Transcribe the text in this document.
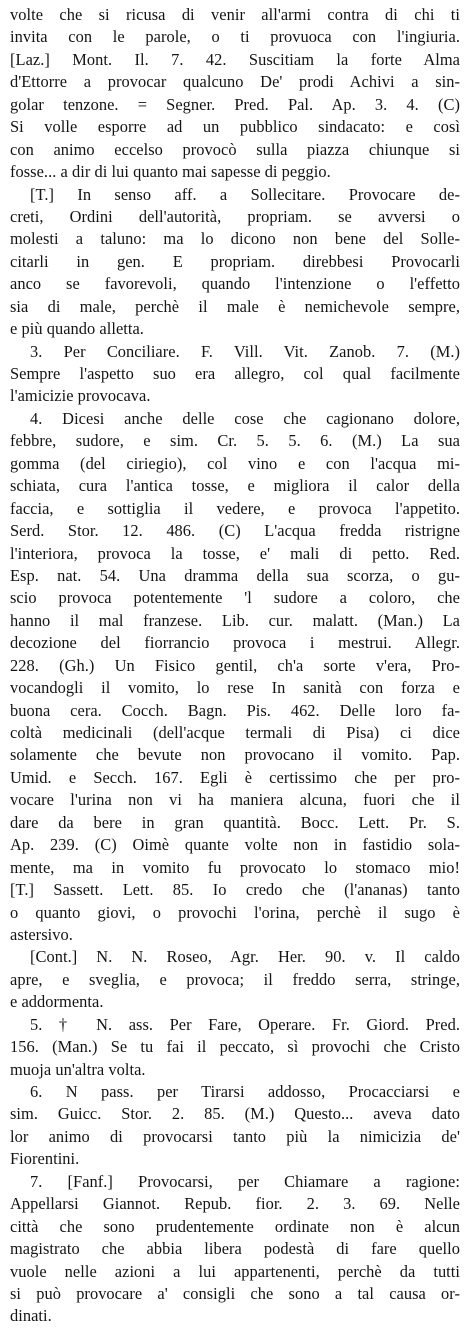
volte che si ricusa di venir all'armi contra di chi ti
invita con le parole, o ti provuoca con l'ingiuria.
[Laz.] Mont. Il. 7. 42. Suscitiam la forte Alma
d'Ettorre a provocar qualcuno De' prodi Achivi a sin-
golar tenzone. = Segner. Pred. Pal. Ap. 3. 4. (C)
Si volle esporre ad un pubblico sindacato: e così
con animo eccelso provocò sulla piazza chiunque si
fosse... a dir di lui quanto mai sapesse di peggio.
[T.] In senso aff. a Sollecitare. Provocare de-
creti, Ordini dell'autorità, propriam. se avversi o
molesti a taluno: ma lo dicono non bene del Solle-
citarli in gen. E propriam. direbbesi Provocarli
anco se favorevoli, quando l'intenzione o l'effetto
sia di male, perchè il male è nemichevole sempre,
e più quando alletta.
3. Per Conciliare. F. Vill. Vit. Zanob. 7. (M.)
Sempre l'aspetto suo era allegro, col qual facilmente
l'amicizie provocava.
4. Dicesi anche delle cose che cagionano dolore,
febbre, sudore, e sim. Cr. 5. 5. 6. (M.) La sua
gomma (del ciriegio), col vino e con l'acqua mi-
schiata, cura l'antica tosse, e migliora il calor della
faccia, e sottiglia il vedere, e provoca l'appetito.
Serd. Stor. 12. 486. (C) L'acqua fredda ristrigne
l'interiora, provoca la tosse, e' mali di petto. Red.
Esp. nat. 54. Una dramma della sua scorza, o gu-
scio provoca potentemente 'l sudore a coloro, che
hanno il mal franzese. Lib. cur. malatt. (Man.) La
decozione del fiorrancio provoca i mestrui. Allegr.
228. (Gh.) Un Fisico gentil, ch'a sorte v'era, Pro-
vocandogli il vomito, lo rese In sanità con forza e
buona cera. Cocch. Bagn. Pis. 462. Delle loro fa-
coltà medicinali (dell'acque termali di Pisa) ci dice
solamente che bevute non provocano il vomito. Pap.
Umid. e Secch. 167. Egli è certissimo che per pro-
vocare l'urina non vi ha maniera alcuna, fuori che il
dare da bere in gran quantità. Bocc. Lett. Pr. S.
Ap. 239. (C) Oimè quante volte non in fastidio sola-
mente, ma in vomito fu provocato lo stomaco mio!
[T.] Sassett. Lett. 85. Io credo che (l'ananas) tanto
o quanto giovi, o provochi l'orina, perchè il sugo è
astersivo.
[Cont.] N. N. Roseo, Agr. Her. 90. v. Il caldo
apre, e sveglia, e provoca; il freddo serra, stringe,
e addormenta.
5. † N. ass. Per Fare, Operare. Fr. Giord. Pred.
156. (Man.) Se tu fai il peccato, sì provochi che Cristo
muoja un'altra volta.
6. N pass. per Tirarsi addosso, Procacciarsi e
sim. Guicc. Stor. 2. 85. (M.) Questo... aveva dato
lor animo di provocarsi tanto più la nimicizia de'
Fiorentini.
7. [Fanf.] Provocarsi, per Chiamare a ragione:
Appellarsi Giannot. Repub. fior. 2. 3. 69. Nelle
città che sono prudentemente ordinate non è alcun
magistrato che abbia libera podestà di fare quello
vuole nelle azioni a lui appartenenti, perchè da tutti
si può provocare a' consigli che sono a tal causa or-
dinati.
